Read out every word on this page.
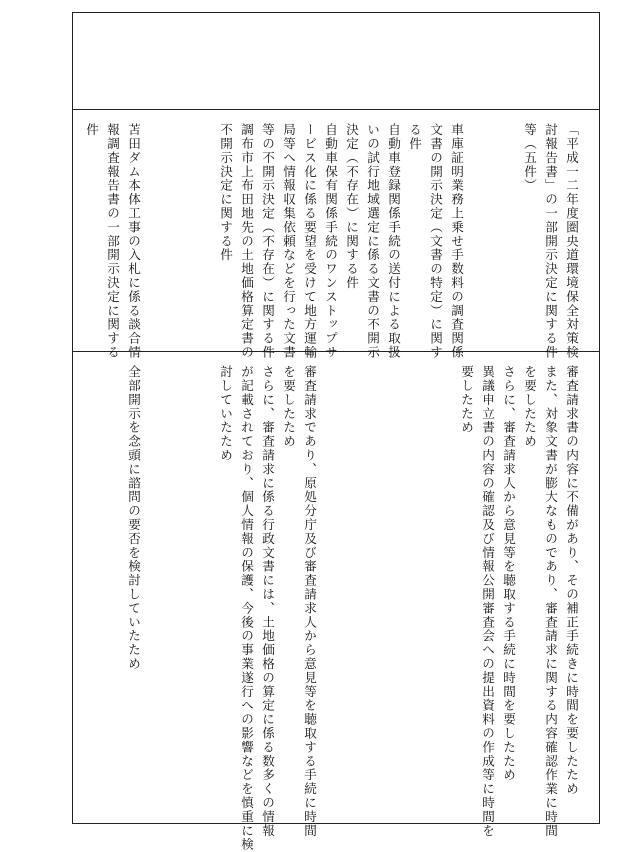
「平成一二年度圏央道環境保全対策検
討報告書」の一部開示決定に関する件
等（五件）
審査請求書の内容に不備があり、その補正手続きに時間を要したため
また、対象文書が膨大なものであり、審査請求に関する内容確認作業に時間
を要したため
さらに、審査請求人から意見等を聴取する手続に時間を要したため
異議申立書の内容の確認及び情報公開審査会への提出資料の作成等に時間を
要したため
車庫証明業務上乗せ手数料の調査関係
文書の開示決定（文書の特定）に関す
る件
自動車登録関係手続の送付による取扱
いの試行地域選定に係る文書の不開示
決定（不存在）に関する件
自動車保有関係手続のワンストップサ
ービス化に係る要望を受けて地方運輸
局等へ情報収集依頼などを行った文書
等の不開示決定（不存在）に関する件
調布市上布田地先の土地価格算定書の
不開示決定に関する件
審査請求であり、原処分庁及び審査請求人から意見等を聴取する手続に時間
を要したため
さらに、審査請求に係る行政文書には、土地価格の算定に係る数多くの情報
が記載されており、個人情報の保護、今後の事業遂行への影響などを慎重に検
討していたため
苫田ダム本体工事の入札に係る談合情
報調査報告書の一部開示決定に関する
件
全部開示を念頭に諮問の要否を検討していたため
